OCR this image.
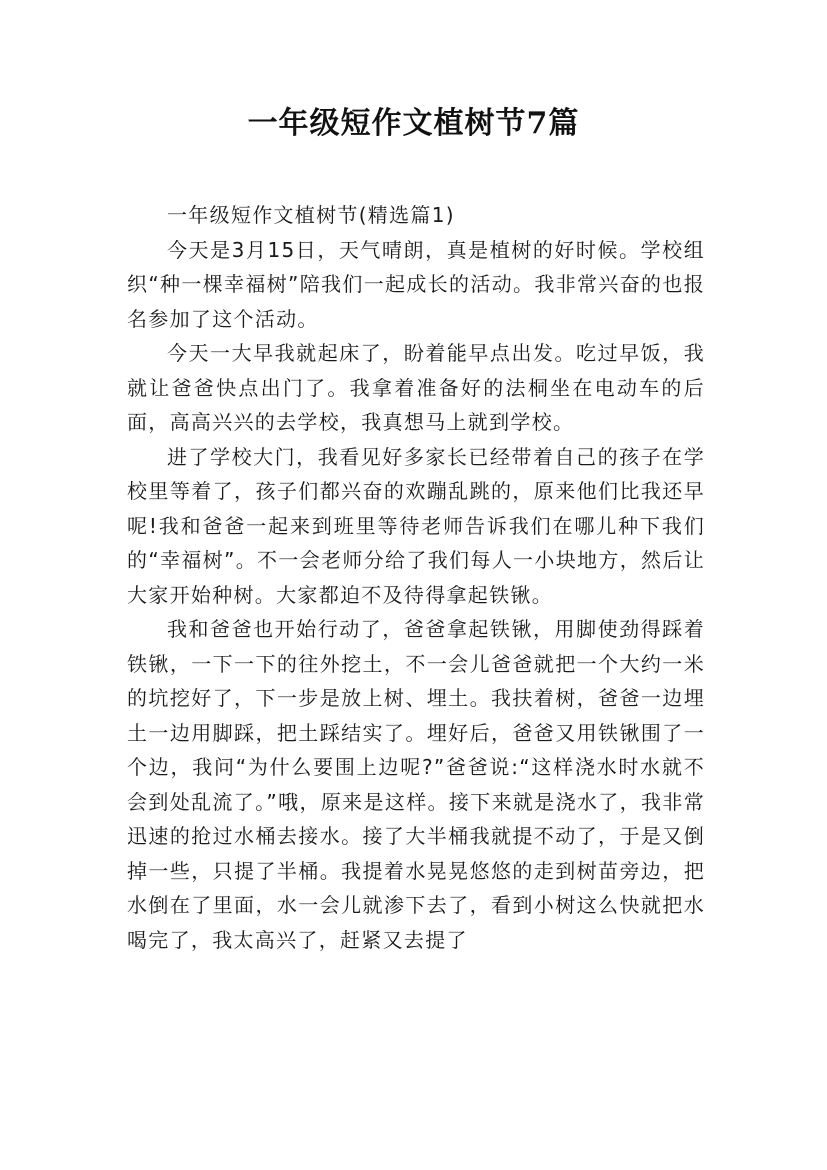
一年级短作文植树节7篇

一年级短作文植树节(精选篇1)

今天是3月15日，天气晴朗，真是植树的好时候。学校组织“种一棵幸福树”陪我们一起成长的活动。我非常兴奋的也报名参加了这个活动。

今天一大早我就起床了，盼着能早点出发。吃过早饭，我就让爸爸快点出门了。我拿着准备好的法桐坐在电动车的后面，高高兴兴的去学校，我真想马上就到学校。

进了学校大门，我看见好多家长已经带着自己的孩子在学校里等着了，孩子们都兴奋的欢蹦乱跳的，原来他们比我还早呢!我和爸爸一起来到班里等待老师告诉我们在哪儿种下我们的“幸福树”。不一会老师分给了我们每人一小块地方，然后让大家开始种树。大家都迫不及待得拿起铁锹。

我和爸爸也开始行动了，爸爸拿起铁锹，用脚使劲得踩着铁锹，一下一下的往外挖土，不一会儿爸爸就把一个大约一米的坑挖好了，下一步是放上树、埋土。我扶着树，爸爸一边埋土一边用脚踩，把土踩结实了。埋好后，爸爸又用铁锹围了一个边，我问“为什么要围上边呢?”爸爸说:“这样浇水时水就不会到处乱流了。”哦，原来是这样。接下来就是浇水了，我非常迅速的抢过水桶去接水。接了大半桶我就提不动了，于是又倒掉一些，只提了半桶。我提着水晃晃悠悠的走到树苗旁边，把水倒在了里面，水一会儿就渗下去了，看到小树这么快就把水喝完了，我太高兴了，赶紧又去提了
